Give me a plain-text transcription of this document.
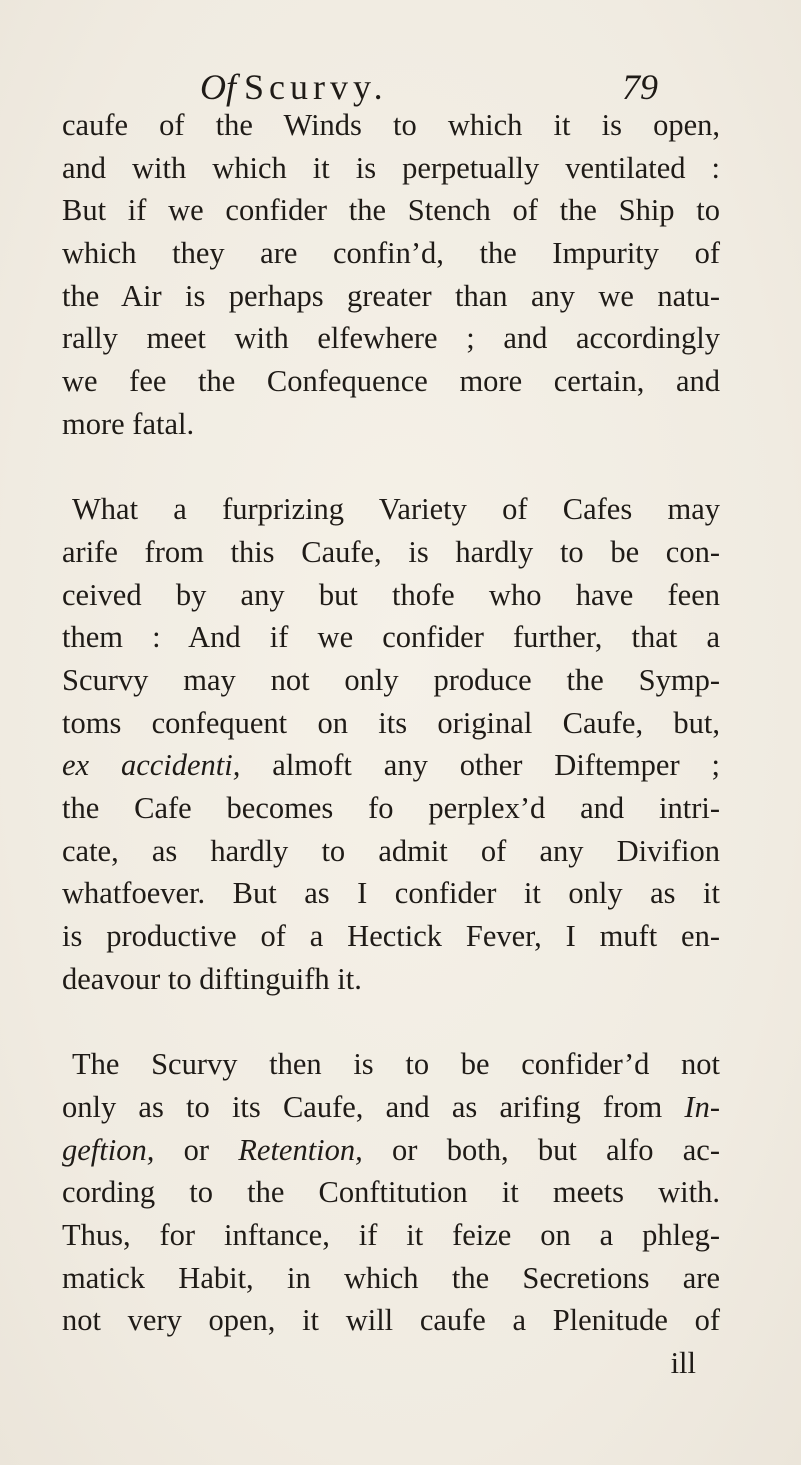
Of Scurvy.	79
caufe of the Winds to which it is open,
and with which it is perpetually ventilated :
But if we confider the Stench of the Ship to
which they are confin’d, the Impurity of
the Air is perhaps greater than any we natu-
rally meet with elfewhere ; and accordingly
we fee the Confequence more certain, and
more fatal.
What a furprizing Variety of Cafes may
arife from this Caufe, is hardly to be con-
ceived by any but thofe who have feen
them : And if we confider further, that a
Scurvy may not only produce the Symp-
toms confequent on its original Caufe, but,
ex accidenti, almoft any other Diftemper ;
the Cafe becomes fo perplex’d and intri-
cate, as hardly to admit of any Divifion
whatfoever. But as I confider it only as it
is productive of a Hectick Fever, I muft en-
deavour to diftinguifh it.
The Scurvy then is to be confider’d not
only as to its Caufe, and as arifing from In-
geftion, or Retention, or both, but alfo ac-
cording to the Conftitution it meets with.
Thus, for inftance, if it feize on a phleg-
matick Habit, in which the Secretions are
not very open, it will caufe a Plenitude of
ill
